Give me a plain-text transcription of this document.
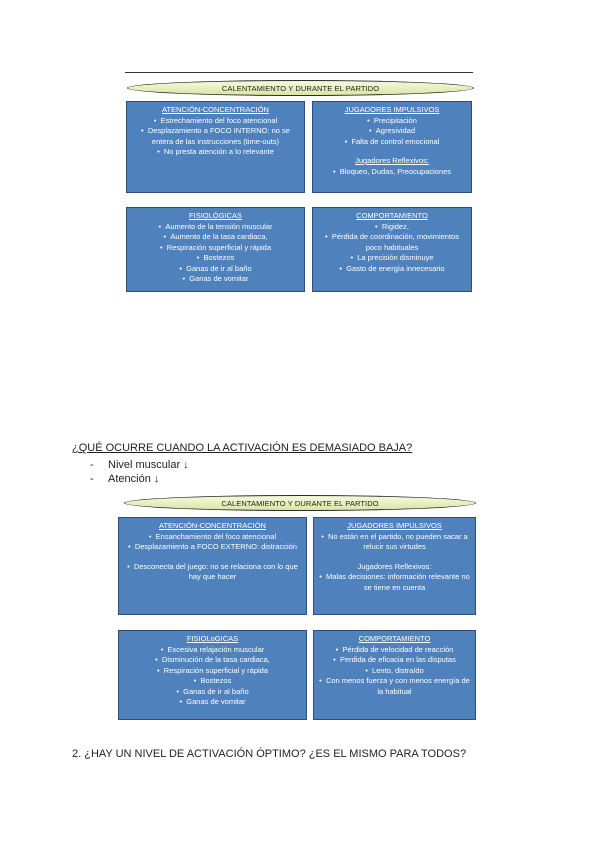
CALENTAMIENTO Y DURANTE EL PARTIDO
ATENCIÓN-CONCENTRACIÓN
•  Estrechamiento del foco atencional
•  Desplazamiento a FOCO INTERNO: no se entera de las instrucciones (time-outs)
•  No presta atención a lo relevante
JUGADORES IMPULSIVOS
•  Precipitación
•  Agresividad
•  Falta de control emocional
Jugadores Reflexivos:
•  Bloqueo, Dudas, Preocupaciones
FISIOLÓGICAS
•  Aumento de la tensión muscular
•  Aumento de la tasa cardiaca,
•  Respiración superficial y rápida
•  Bostezos
•  Ganas de ir al baño
•  Ganas de vomitar
COMPORTAMIENTO
•  Rigidez,
•  Pérdida de coordinación, movimientos poco habituales
•  La precisión disminuye
•  Gasto de energía innecesario
¿QUÉ OCURRE CUANDO LA ACTIVACIÓN ES DEMASIADO BAJA?
- Nivel muscular ↓
- Atención ↓
CALENTAMIENTO Y DURANTE EL PARTIDO
ATENCIÓN-CONCENTRACIÓN
•  Ensanchamiento del foco atencional
•  Desplazamiento a FOCO EXTERNO: distracción
•  Desconecta del juego: no se relaciona con lo que hay que hacer
JUGADORES IMPULSIVOS
•  No están en el partido, no pueden sacar a relucir sus virtudes
Jugadores Reflexivos:
•  Malas decisiones: información relevante no se tiene en cuenta
FISIOLoGICAS
•  Excesiva relajación muscular
•  Disminución de la tasa cardiaca,
•  Respiración superficial y rápida
•  Bostezos
•  Ganas de ir al baño
•  Ganas de vomitar
COMPORTAMIENTO
•  Pérdida de velocidad de reacción
•  Perdida de eficacia en las disputas
•  Lento, distraído
•  Con menos fuerza y con menos energía de la habitual
2. ¿HAY UN NIVEL DE ACTIVACIÓN ÓPTIMO? ¿ES EL MISMO PARA TODOS?
